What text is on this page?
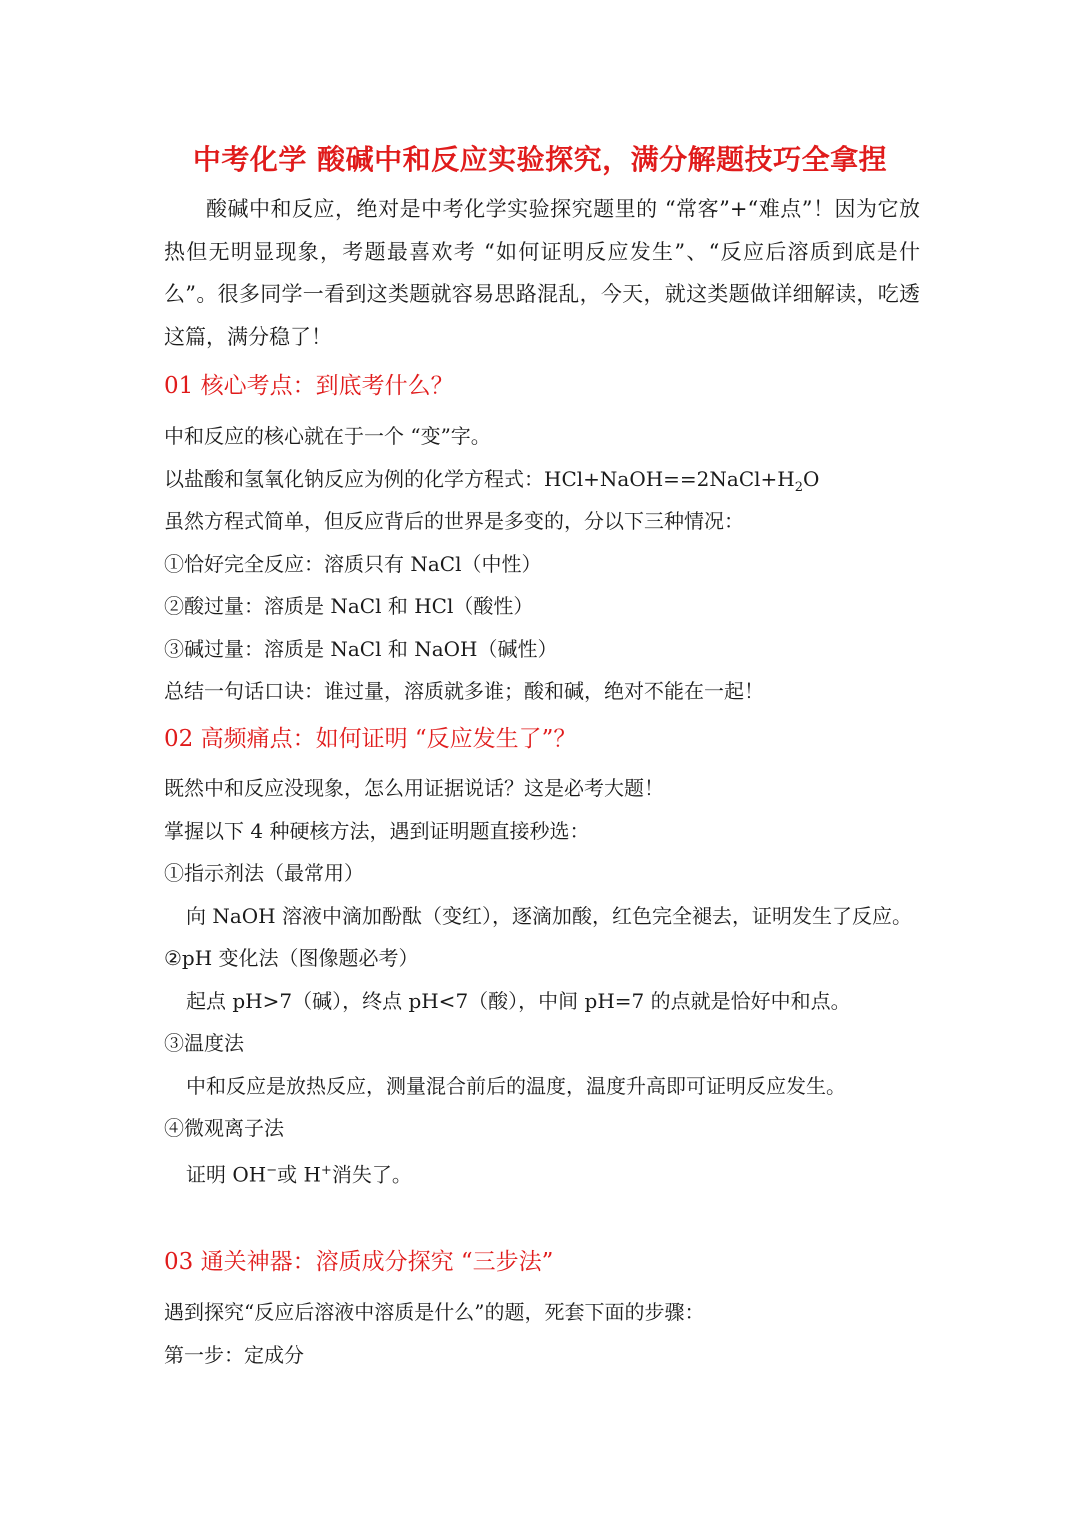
中考化学 酸碱中和反应实验探究，满分解题技巧全拿捏
酸碱中和反应，绝对是中考化学实验探究题里的 “常客”+“难点”！因为它放热但无明显现象，考题最喜欢考 “如何证明反应发生”、“反应后溶质到底是什么”。很多同学一看到这类题就容易思路混乱，今天，就这类题做详细解读，吃透这篇，满分稳了！
01 核心考点：到底考什么？
中和反应的核心就在于一个 “变”字。
以盐酸和氢氧化钠反应为例的化学方程式：$HCl+NaOH==2NaCl+H_2O$
虽然方程式简单，但反应背后的世界是多变的，分以下三种情况：
①恰好完全反应：溶质只有 NaCl（中性）
②酸过量：溶质是 NaCl 和 HCl（酸性）
③碱过量：溶质是 NaCl 和 NaOH（碱性）
总结一句话口诀：谁过量，溶质就多谁；酸和碱，绝对不能在一起！
02 高频痛点：如何证明 “反应发生了”？
既然中和反应没现象，怎么用证据说话？这是必考大题！
掌握以下 4 种硬核方法，遇到证明题直接秒选：
①指示剂法（最常用）
向 NaOH 溶液中滴加酚酞（变红），逐滴加酸，红色完全褪去，证明发生了反应。
②pH 变化法（图像题必考）
起点 pH>7（碱），终点 pH<7（酸），中间 pH=7 的点就是恰好中和点。
③温度法
中和反应是放热反应，测量混合前后的温度，温度升高即可证明反应发生。
④微观离子法
证明 OH−或 H+消失了。
03 通关神器：溶质成分探究 “三步法”
遇到探究“反应后溶液中溶质是什么”的题，死套下面的步骤：
第一步：定成分
